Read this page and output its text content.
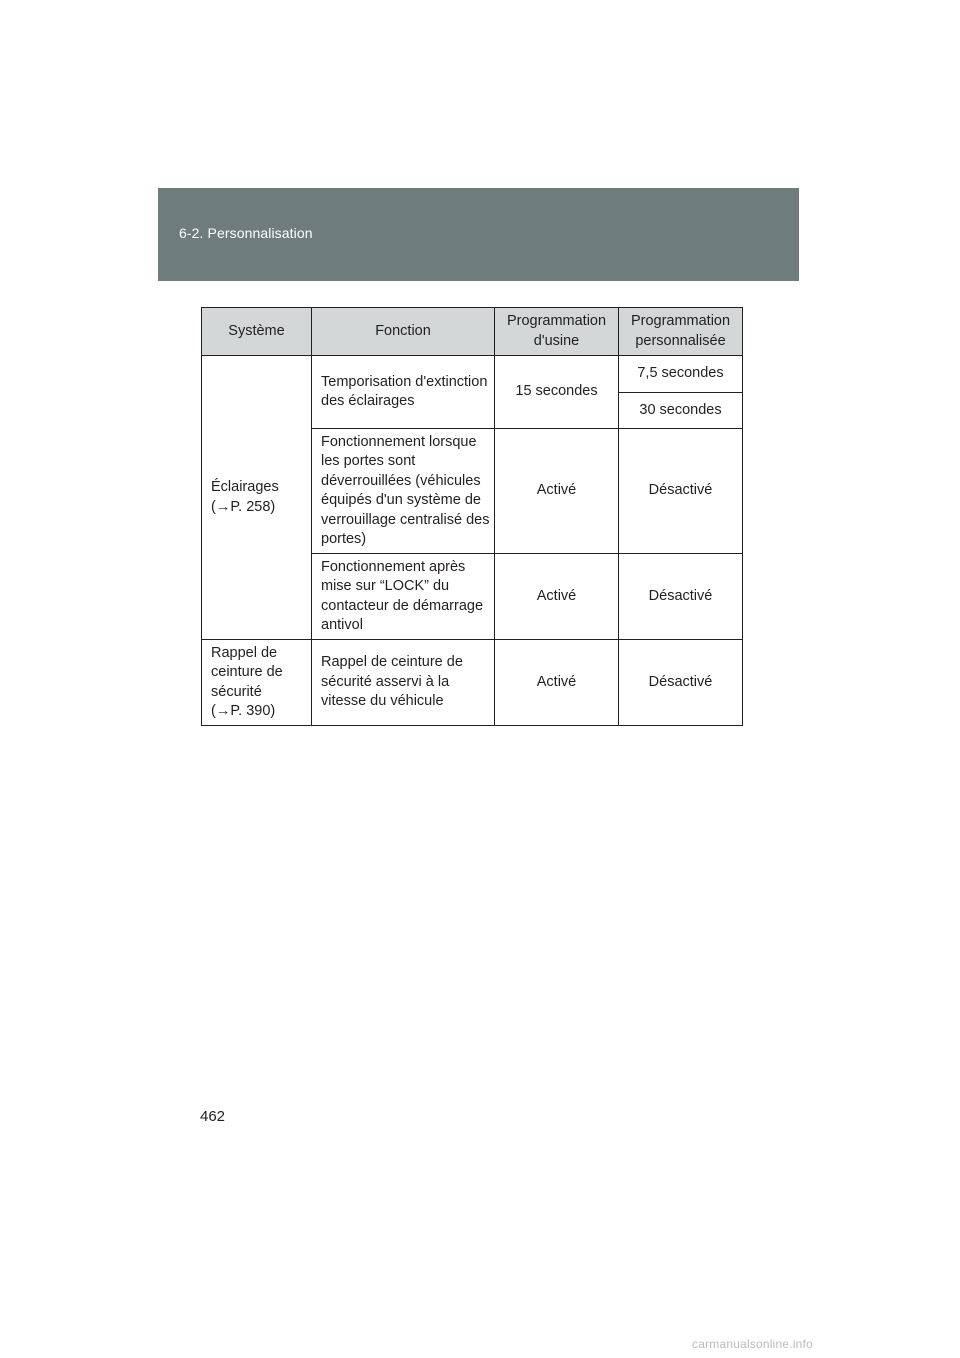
6-2. Personnalisation
Système	Fonction	Programmation d'usine	Programmation personnalisée
Éclairages
(→P. 258)	Temporisation d'extinction des éclairages	15 secondes	7,5 secondes
			30 secondes
	Fonctionnement lorsque les portes sont déverrouillées (véhicules équipés d'un système de verrouillage centralisé des portes)	Activé	Désactivé
	Fonctionnement après mise sur “LOCK” du contacteur de démarrage antivol	Activé	Désactivé
Rappel de ceinture de sécurité
(→P. 390)	Rappel de ceinture de sécurité asservi à la vitesse du véhicule	Activé	Désactivé
462
carmanualsonline.info
